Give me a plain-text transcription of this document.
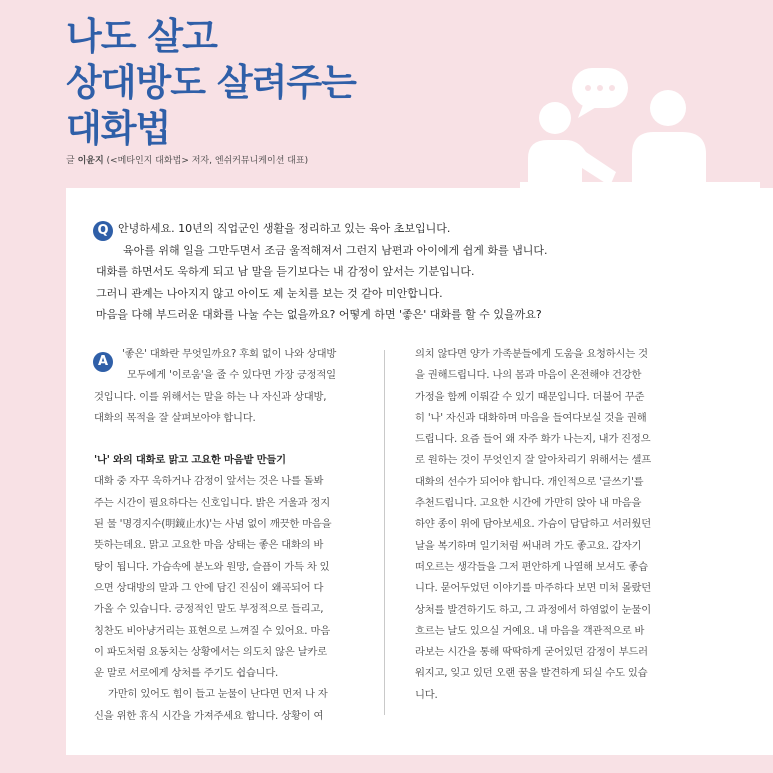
나도 살고
상대방도 살려주는
대화법
글 이윤지 (<메타인지 대화법> 저자, 엔쉬커뮤니케이션 대표)
Q 안녕하세요. 10년의 직업군인 생활을 정리하고 있는 육아 초보입니다.
육아를 위해 일을 그만두면서 조금 울적해져서 그런지 남편과 아이에게 쉽게 화를 냅니다.
대화를 하면서도 욱하게 되고 남 말을 듣기보다는 내 감정이 앞서는 기분입니다.
그러니 관계는 나아지지 않고 아이도 제 눈치를 보는 것 같아 미안합니다.
마음을 다해 부드러운 대화를 나눌 수는 없을까요? 어떻게 하면 '좋은' 대화를 할 수 있을까요?
A	'좋은' 대화란 무엇일까요? 후회 없이 나와 상대방
모두에게 '이로움'을 줄 수 있다면 가장 긍정적일
것입니다. 이를 위해서는 말을 하는 나 자신과 상대방,
대화의 목적을 잘 살펴보아야 합니다.
'나' 와의 대화로 맑고 고요한 마음밭 만들기
대화 중 자꾸 욱하거나 감정이 앞서는 것은 나를 돌봐
주는 시간이 필요하다는 신호입니다. 밝은 거울과 정지
된 물 '명경지수(明鏡止水)'는 사념 없이 깨끗한 마음을
뜻하는데요. 맑고 고요한 마음 상태는 좋은 대화의 바
탕이 됩니다. 가슴속에 분노와 원망, 슬픔이 가득 차 있
으면 상대방의 말과 그 안에 담긴 진심이 왜곡되어 다
가올 수 있습니다. 긍정적인 말도 부정적으로 들리고,
칭찬도 비아냥거리는 표현으로 느껴질 수 있어요. 마음
이 파도처럼 요동치는 상황에서는 의도치 않은 날카로
운 말로 서로에게 상처를 주기도 쉽습니다.
가만히 있어도 힘이 들고 눈물이 난다면 먼저 나 자
신을 위한 휴식 시간을 가져주세요 합니다. 상황이 여
의치 않다면 양가 가족분들에게 도움을 요청하시는 것
을 권해드립니다. 나의 몸과 마음이 온전해야 건강한
가정을 함께 이뤄갈 수 있기 때문입니다. 더불어 꾸준
히 '나' 자신과 대화하며 마음을 들여다보실 것을 권해
드립니다. 요즘 들어 왜 자주 화가 나는지, 내가 진정으
로 원하는 것이 무엇인지 잘 알아차리기 위해서는 셀프
대화의 선수가 되어야 합니다. 개인적으로 '글쓰기'를
추천드립니다. 고요한 시간에 가만히 앉아 내 마음을
하얀 종이 위에 담아보세요. 가슴이 답답하고 서러웠던
날을 복기하며 일기처럼 써내려 가도 좋고요. 갑자기
떠오르는 생각들을 그저 편안하게 나열해 보셔도 좋습
니다. 묻어두었던 이야기를 마주하다 보면 미처 몰랐던
상처를 발견하기도 하고, 그 과정에서 하염없이 눈물이
흐르는 날도 있으실 거예요. 내 마음을 객관적으로 바
라보는 시간을 통해 딱딱하게 굳어있던 감정이 부드러
워지고, 잊고 있던 오랜 꿈을 발견하게 되실 수도 있습
니다.
